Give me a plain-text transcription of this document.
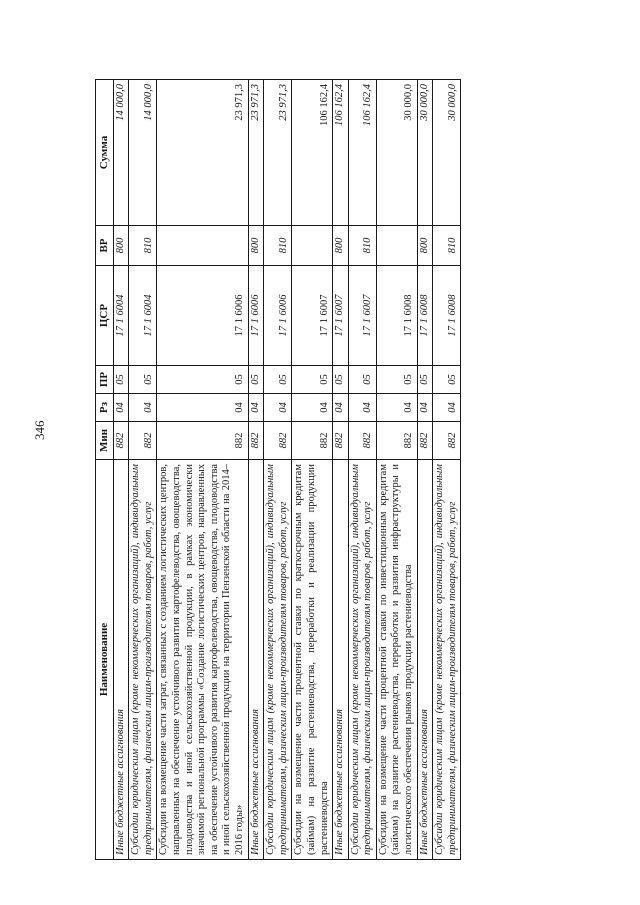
346
Наименование	Мин	Рз	ПР	ЦСР	ВР	Сумма
Иные бюджетные ассигнования	882	04	05	17 1 6004	800	14 000,0
Субсидии юридическим лицам (кроме некоммерческих организаций), индивидуальным предпринимателям, физическим лицам-производителям товаров, работ, услуг	882	04	05	17 1 6004	810	14 000,0
Субсидии на возмещение части затрат, связанных с созданием логистических центров, направленных на обеспечение устойчивого развития картофелеводства, овощеводства, плодоводства и иной сельскохозяйственной продукции, в рамках экономически значимой региональной программы «Создание логистических центров, направленных на обеспечение устойчивого развития картофелеводства, овощеводства, плодоводства и иной сельскохозяйственной продукции на территории Пензенской области на 2014–2016 годы»	882	04	05	17 1 6006		23 971,3
Иные бюджетные ассигнования	882	04	05	17 1 6006	800	23 971,3
Субсидии юридическим лицам (кроме некоммерческих организаций), индивидуальным предпринимателям, физическим лицам-производителям товаров, работ, услуг	882	04	05	17 1 6006	810	23 971,3
Субсидии на возмещение части процентной ставки по краткосрочным кредитам (займам) на развитие растениеводства, переработки и реализации продукции растениеводства	882	04	05	17 1 6007		106 162,4
Иные бюджетные ассигнования	882	04	05	17 1 6007	800	106 162,4
Субсидии юридическим лицам (кроме некоммерческих организаций), индивидуальным предпринимателям, физическим лицам-производителям товаров, работ, услуг	882	04	05	17 1 6007	810	106 162,4
Субсидии на возмещение части процентной ставки по инвестиционным кредитам (займам) на развитие растениеводства, переработки и развития инфраструктуры и логистического обеспечения рынков продукции растениеводства	882	04	05	17 1 6008		30 000,0
Иные бюджетные ассигнования	882	04	05	17 1 6008	800	30 000,0
Субсидии юридическим лицам (кроме некоммерческих организаций), индивидуальным предпринимателям, физическим лицам-производителям товаров, работ, услуг	882	04	05	17 1 6008	810	30 000,0
